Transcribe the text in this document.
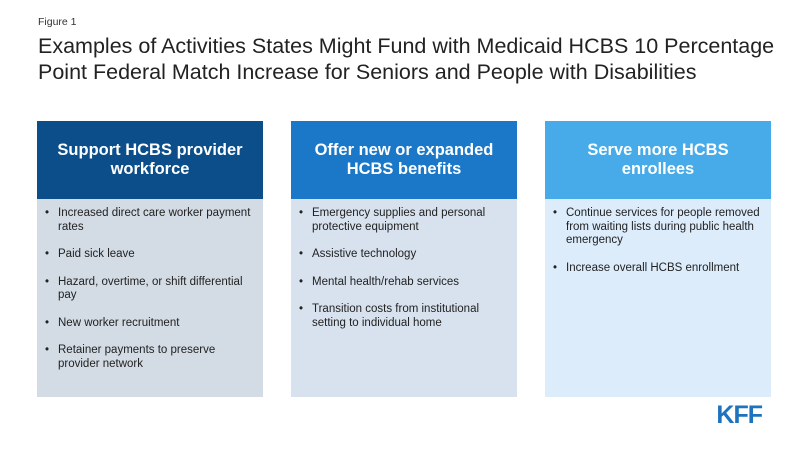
Figure 1
Examples of Activities States Might Fund with Medicaid HCBS 10 Percentage Point Federal Match Increase for Seniors and People with Disabilities
Support HCBS provider workforce
• Increased direct care worker payment rates
• Paid sick leave
• Hazard, overtime, or shift differential pay
• New worker recruitment
• Retainer payments to preserve provider network
Offer new or expanded HCBS benefits
• Emergency supplies and personal protective equipment
• Assistive technology
• Mental health/rehab services
• Transition costs from institutional setting to individual home
Serve more HCBS enrollees
• Continue services for people removed from waiting lists during public health emergency
• Increase overall HCBS enrollment
KFF
